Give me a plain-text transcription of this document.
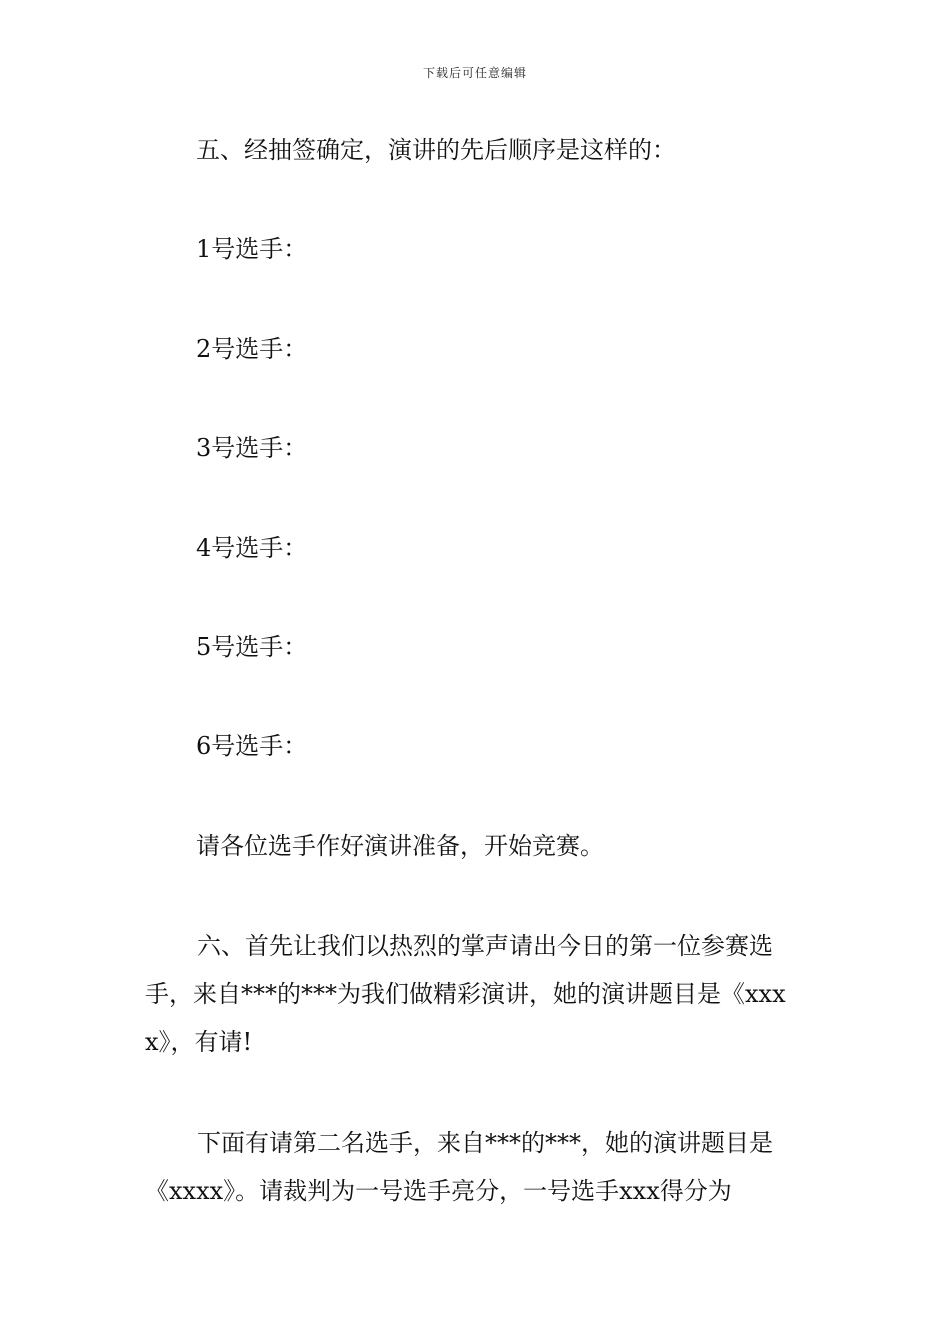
下载后可任意编辑
五、经抽签确定，演讲的先后顺序是这样的：
1号选手：
2号选手：
3号选手：
4号选手：
5号选手：
6号选手：
请各位选手作好演讲准备，开始竞赛。
六、首先让我们以热烈的掌声请出今日的第一位参赛选手，来自***的***为我们做精彩演讲，她的演讲题目是《xxxx》，有请!
下面有请第二名选手，来自***的***，她的演讲题目是《xxxx》。请裁判为一号选手亮分，一号选手xxx得分为
